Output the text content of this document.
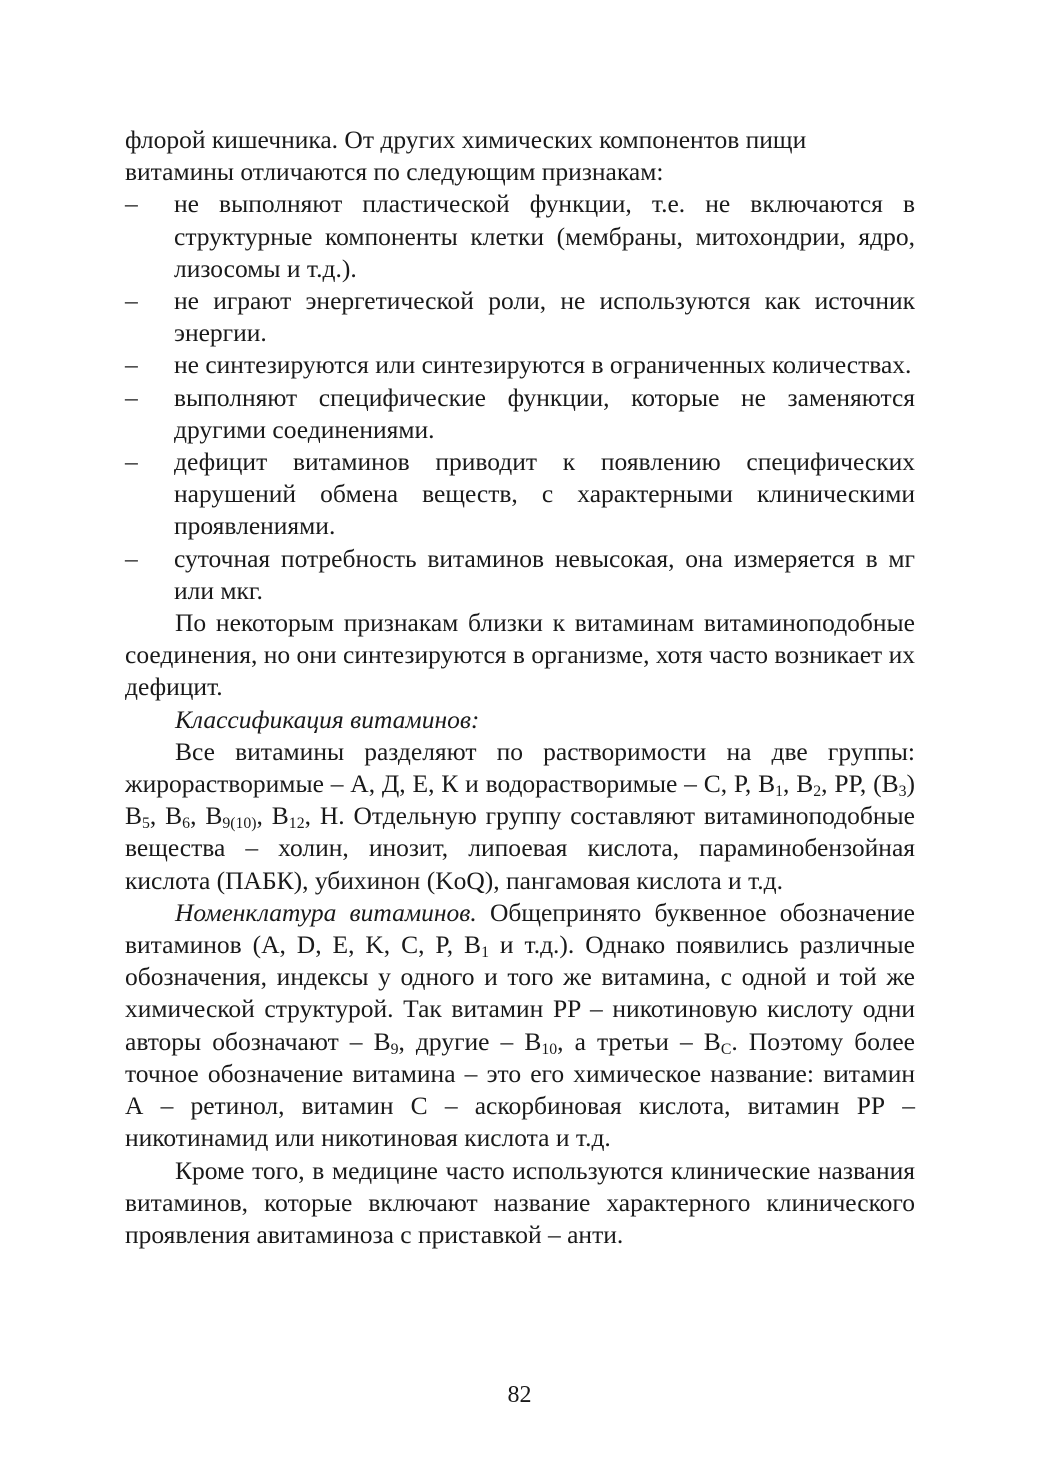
флорой кишечника. От других химических компонентов пищи
витамины отличаются по следующим признакам:

– не выполняют пластической функции, т.е. не включаются в структурные компоненты клетки (мембраны, митохондрии, ядро, лизосомы и т.д.).
– не играют энергетической роли, не используются как источник энергии.
– не синтезируются или синтезируются в ограниченных количествах.
– выполняют специфические функции, которые не заменяются другими соединениями.
– дефицит витаминов приводит к появлению специфических нарушений обмена веществ, с характерными клиническими проявлениями.
– суточная потребность витаминов невысокая, она измеряется в мг или мкг.

По некоторым признакам близки к витаминам витаминоподобные соединения, но они синтезируются в организме, хотя часто возникает их дефицит.

Классификация витаминов:

Все витамины разделяют по растворимости на две группы: жирорастворимые – А, Д, Е, К и водорастворимые – С, Р, $В_1$, $В_2$, PP, $(B_3)$ $B_5$, $B_6$, $B_{9(10)}$, $B_{12}$, H. Отдельную группу составляют витаминоподобные вещества – холин, инозит, липоевая кислота, параминобензойная кислота (ПАБК), убихинон (KoQ), пангамовая кислота и т.д.

Номенклатура витаминов. Общепринято буквенное обозначение витаминов (A, D, E, K, C, P, $B_1$ и т.д.). Однако появились различные обозначения, индексы у одного и того же витамина, с одной и той же химической структурой. Так витамин PP – никотиновую кислоту одни авторы обозначают – $B_9$, другие – $B_{10}$, а третьи – $B_C$. Поэтому более точное обозначение витамина – это его химическое название: витамин А – ретинол, витамин С – аскорбиновая кислота, витамин РР – никотинамид или никотиновая кислота и т.д.

Кроме того, в медицине часто используются клинические названия витаминов, которые включают название характерного клинического проявления авитаминоза с приставкой – анти.

82
